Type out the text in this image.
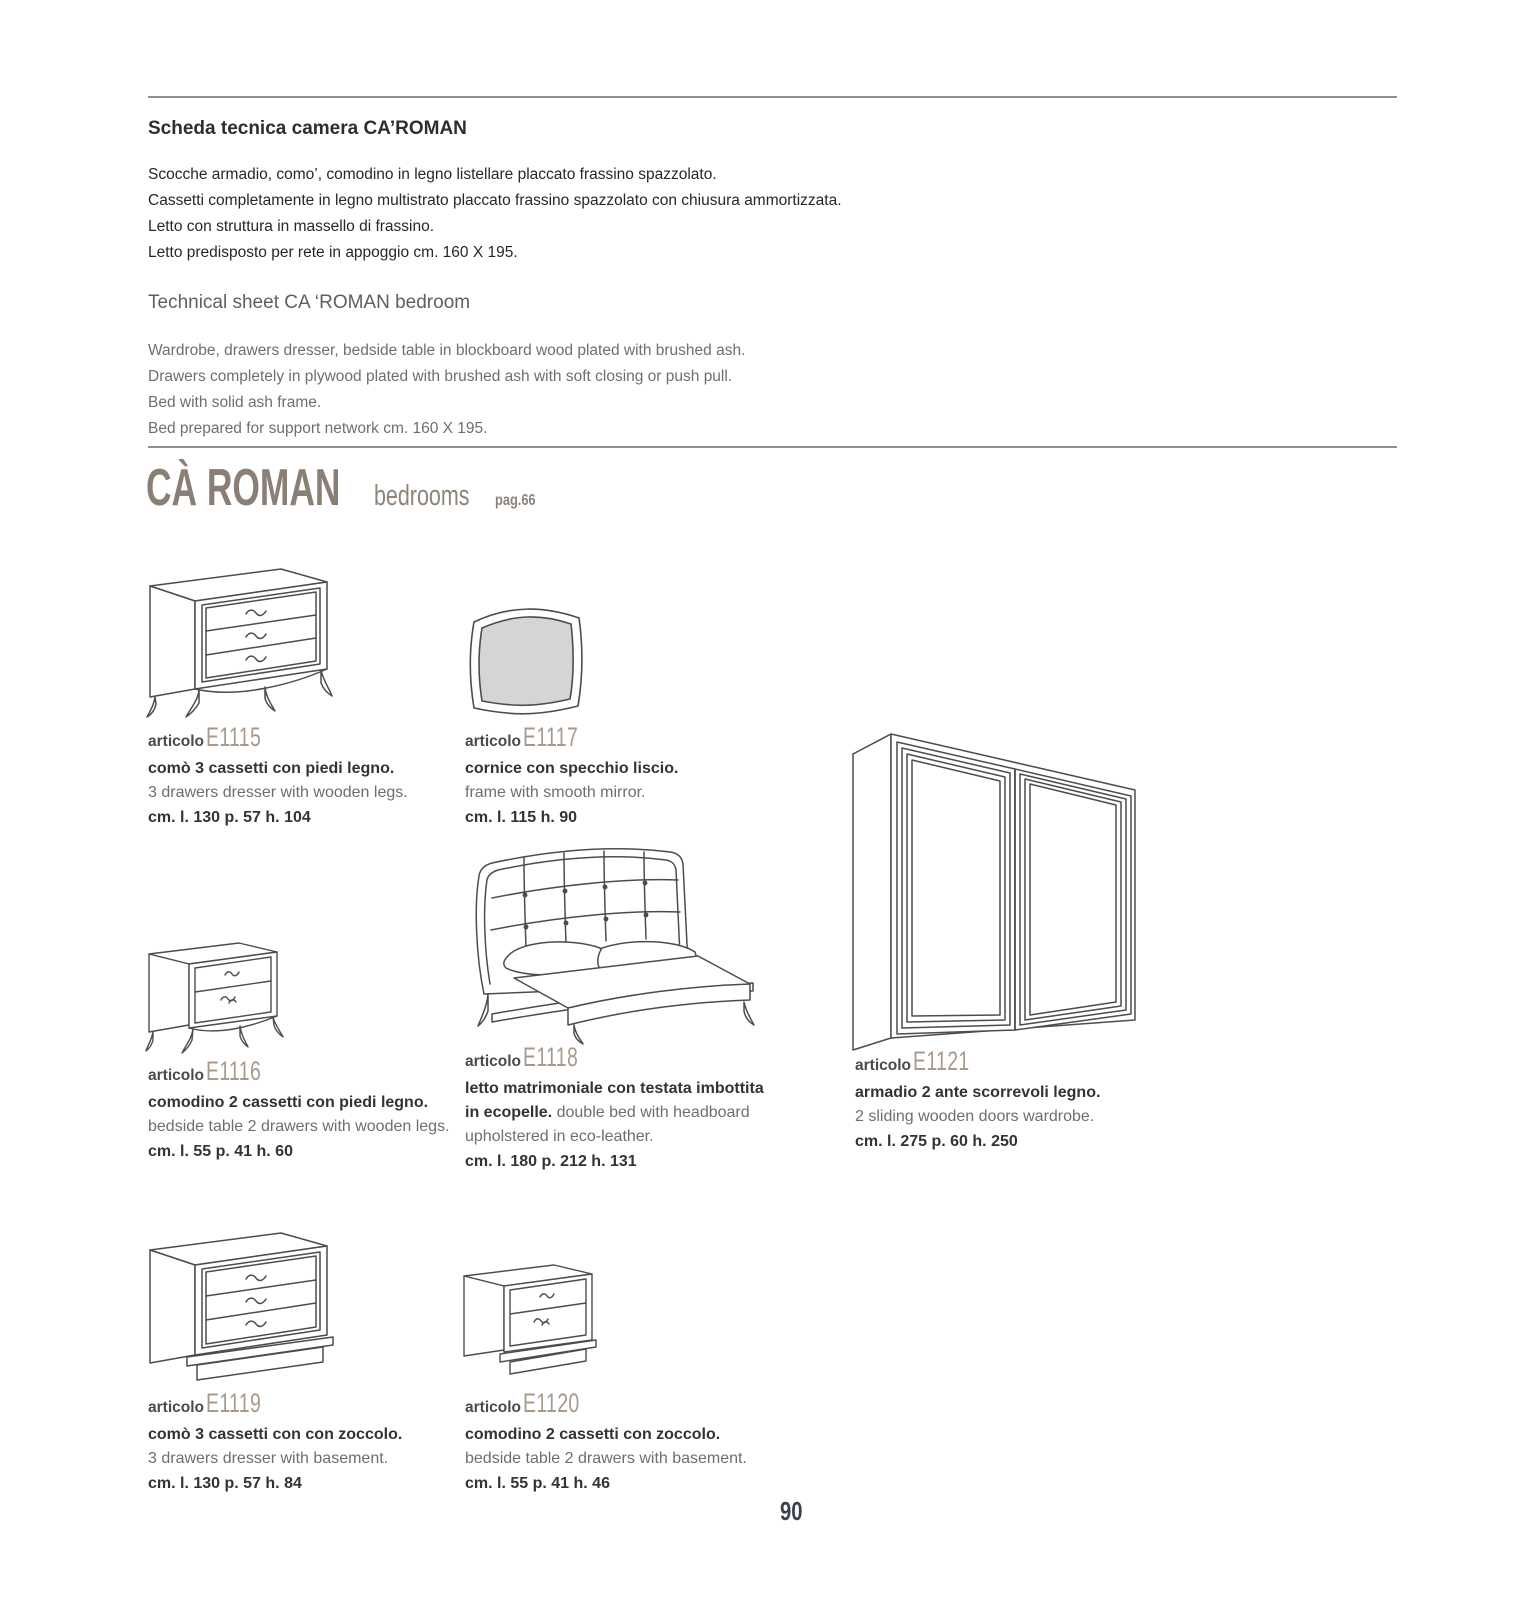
Scheda tecnica camera CA’ROMAN
Scocche armadio, como’, comodino in legno listellare placcato frassino spazzolato.
Cassetti completamente in legno multistrato placcato frassino spazzolato con chiusura ammortizzata.
Letto con struttura in massello di frassino.
Letto predisposto per rete in appoggio cm. 160 X 195.
Technical sheet CA ‘ROMAN bedroom
Wardrobe, drawers dresser, bedside table in blockboard wood plated with brushed ash.
Drawers completely in plywood plated with brushed ash with soft closing or push pull.
Bed with solid ash frame.
Bed prepared for support network cm. 160 X 195.
CÀ ROMAN bedrooms pag.66
articoloE1115
comò 3 cassetti con piedi legno.
3 drawers dresser with wooden legs.
cm. l. 130 p. 57 h. 104
articoloE1117
cornice con specchio liscio.
frame with smooth mirror.
cm. l. 115 h. 90
articoloE1116
comodino 2 cassetti con piedi legno.
bedside table 2 drawers with wooden legs.
cm. l. 55 p. 41 h. 60
articoloE1118
letto matrimoniale con testata imbottita in ecopelle. double bed with headboard upholstered in eco-leather.
cm. l. 180 p. 212 h. 131
articoloE1121
armadio 2 ante scorrevoli legno.
2 sliding wooden doors wardrobe.
cm. l. 275 p. 60 h. 250
articoloE1119
comò 3 cassetti con con zoccolo.
3 drawers dresser with basement.
cm. l. 130 p. 57 h. 84
articoloE1120
comodino 2 cassetti con zoccolo.
bedside table 2 drawers with basement.
cm. l. 55 p. 41 h. 46
90
